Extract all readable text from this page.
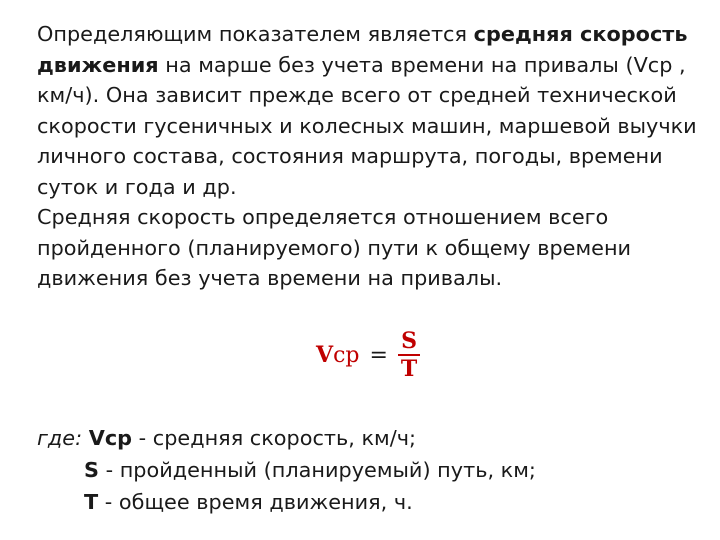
Определяющим показателем является средняя скорость движения на марше без учета времени на привалы (Vср , км/ч). Она зависит прежде всего от средней технической скорости гусеничных и колесных машин, маршевой выучки личного состава, состояния маршрута, погоды, времени суток и года и др.

Средняя скорость определяется отношением всего пройденного (планируемого) пути к общему времени движения без учета времени на привалы.

Vср = $\frac{S}{T}$
где: Vср - средняя скорость, км/ч;
S - пройденный (планируемый) путь, км;
T - общее время движения, ч.
